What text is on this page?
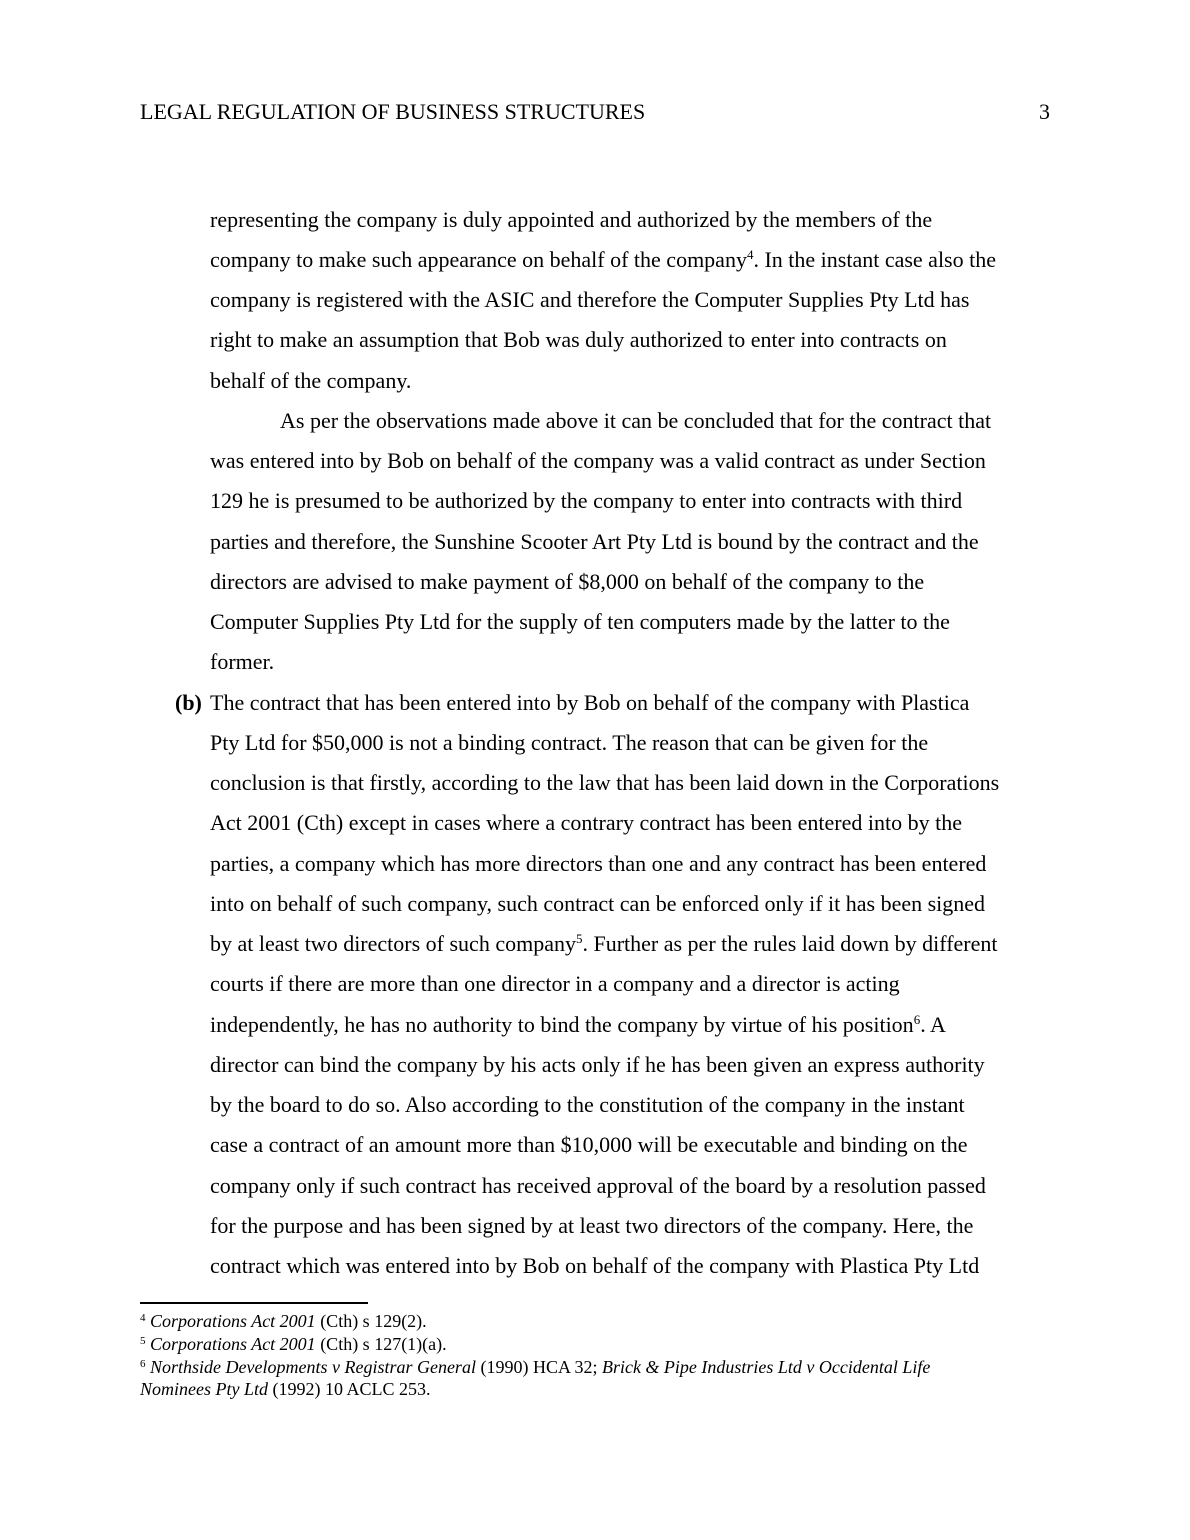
LEGAL REGULATION OF BUSINESS STRUCTURES	3
representing the company is duly appointed and authorized by the members of the
company to make such appearance on behalf of the company$^4$. In the instant case also the
company is registered with the ASIC and therefore the Computer Supplies Pty Ltd has
right to make an assumption that Bob was duly authorized to enter into contracts on
behalf of the company.
As per the observations made above it can be concluded that for the contract that
was entered into by Bob on behalf of the company was a valid contract as under Section
129 he is presumed to be authorized by the company to enter into contracts with third
parties and therefore, the Sunshine Scooter Art Pty Ltd is bound by the contract and the
directors are advised to make payment of $8,000 on behalf of the company to the
Computer Supplies Pty Ltd for the supply of ten computers made by the latter to the
former.
(b) The contract that has been entered into by Bob on behalf of the company with Plastica
Pty Ltd for $50,000 is not a binding contract. The reason that can be given for the
conclusion is that firstly, according to the law that has been laid down in the Corporations
Act 2001 (Cth) except in cases where a contrary contract has been entered into by the
parties, a company which has more directors than one and any contract has been entered
into on behalf of such company, such contract can be enforced only if it has been signed
by at least two directors of such company$^5$. Further as per the rules laid down by different
courts if there are more than one director in a company and a director is acting
independently, he has no authority to bind the company by virtue of his position$^6$. A
director can bind the company by his acts only if he has been given an express authority
by the board to do so. Also according to the constitution of the company in the instant
case a contract of an amount more than $10,000 will be executable and binding on the
company only if such contract has received approval of the board by a resolution passed
for the purpose and has been signed by at least two directors of the company. Here, the
contract which was entered into by Bob on behalf of the company with Plastica Pty Ltd
$^4$ Corporations Act 2001 (Cth) s 129(2).
$^5$ Corporations Act 2001 (Cth) s 127(1)(a).
$^6$ Northside Developments v Registrar General (1990) HCA 32; Brick & Pipe Industries Ltd v Occidental Life
Nominees Pty Ltd (1992) 10 ACLC 253.
